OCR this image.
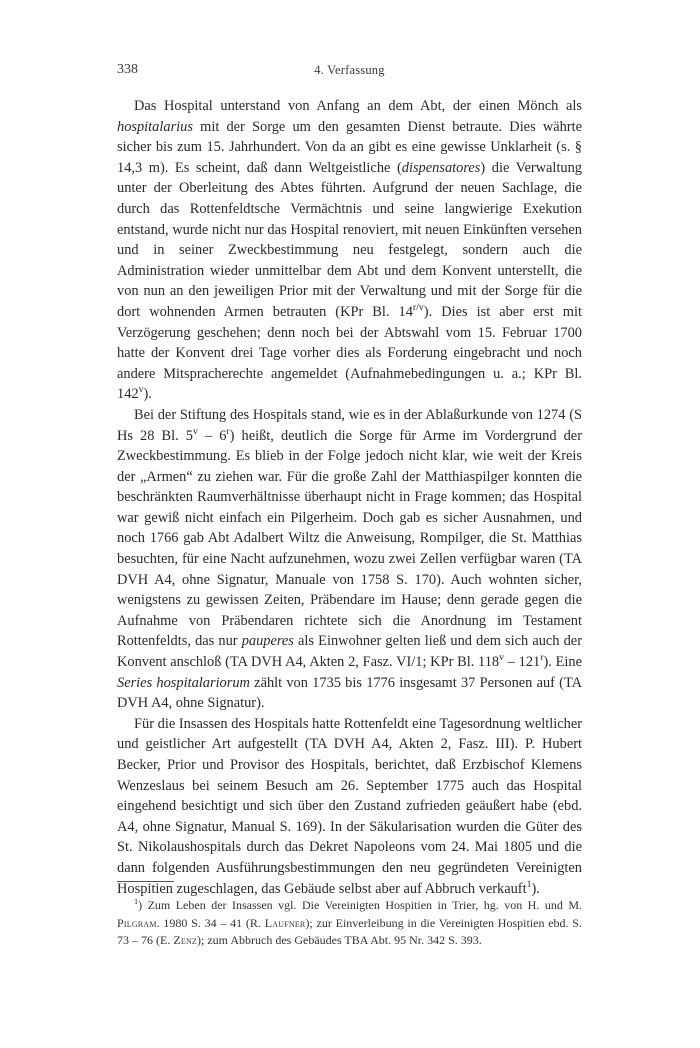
338	4. Verfassung

Das Hospital unterstand von Anfang an dem Abt, der einen Mönch als hospitalarius mit der Sorge um den gesamten Dienst betraute. Dies währte sicher bis zum 15. Jahrhundert. Von da an gibt es eine gewisse Unklarheit (s. § 14,3 m). Es scheint, daß dann Weltgeistliche (dispensatores) die Verwaltung unter der Oberleitung des Abtes führten. Aufgrund der neuen Sachlage, die durch das Rottenfeldtsche Vermächtnis und seine langwierige Exekution entstand, wurde nicht nur das Hospital renoviert, mit neuen Einkünften versehen und in seiner Zweckbestimmung neu festgelegt, sondern auch die Administration wieder unmittelbar dem Abt und dem Konvent unterstellt, die von nun an den jeweiligen Prior mit der Verwaltung und mit der Sorge für die dort wohnenden Armen betrauten (KPr Bl. $14^{r/v}$). Dies ist aber erst mit Verzögerung geschehen; denn noch bei der Abtswahl vom 15. Februar 1700 hatte der Konvent drei Tage vorher dies als Forderung eingebracht und noch andere Mitspracherechte angemeldet (Aufnahmebedingungen u. a.; KPr Bl. 142$^v$).

Bei der Stiftung des Hospitals stand, wie es in der Ablaßurkunde von 1274 (S Hs 28 Bl. 5$^v$ – 6$^r$) heißt, deutlich die Sorge für Arme im Vordergrund der Zweckbestimmung. Es blieb in der Folge jedoch nicht klar, wie weit der Kreis der „Armen“ zu ziehen war. Für die große Zahl der Matthiaspilger konnten die beschränkten Raumverhältnisse überhaupt nicht in Frage kommen; das Hospital war gewiß nicht einfach ein Pilgerheim. Doch gab es sicher Ausnahmen, und noch 1766 gab Abt Adalbert Wiltz die Anweisung, Rompilger, die St. Matthias besuchten, für eine Nacht aufzunehmen, wozu zwei Zellen verfügbar waren (TA DVH A4, ohne Signatur, Manuale von 1758 S. 170). Auch wohnten sicher, wenigstens zu gewissen Zeiten, Präbendare im Hause; denn gerade gegen die Aufnahme von Präbendaren richtete sich die Anordnung im Testament Rottenfeldts, das nur pauperes als Einwohner gelten ließ und dem sich auch der Konvent anschloß (TA DVH A4, Akten 2, Fasz. VI/1; KPr Bl. 118$^v$ – 121$^r$). Eine Series hospitalariorum zählt von 1735 bis 1776 insgesamt 37 Personen auf (TA DVH A4, ohne Signatur).

Für die Insassen des Hospitals hatte Rottenfeldt eine Tagesordnung weltlicher und geistlicher Art aufgestellt (TA DVH A4, Akten 2, Fasz. III). P. Hubert Becker, Prior und Provisor des Hospitals, berichtet, daß Erzbischof Klemens Wenzeslaus bei seinem Besuch am 26. September 1775 auch das Hospital eingehend besichtigt und sich über den Zustand zufrieden geäußert habe (ebd. A4, ohne Signatur, Manual S. 169). In der Säkularisation wurden die Güter des St. Nikolaushospitals durch das Dekret Napoleons vom 24. Mai 1805 und die dann folgenden Ausführungsbestimmungen den neu gegründeten Vereinigten Hospitien zugeschlagen, das Gebäude selbst aber auf Abbruch verkauft$^1$).

$^1$) Zum Leben der Insassen vgl. Die Vereinigten Hospitien in Trier, hg. von H. und M. Pilgram. 1980 S. 34 – 41 (R. Laufner); zur Einverleibung in die Vereinigten Hospitien ebd. S. 73 – 76 (E. Zenz); zum Abbruch des Gebäudes TBA Abt. 95 Nr. 342 S. 393.
